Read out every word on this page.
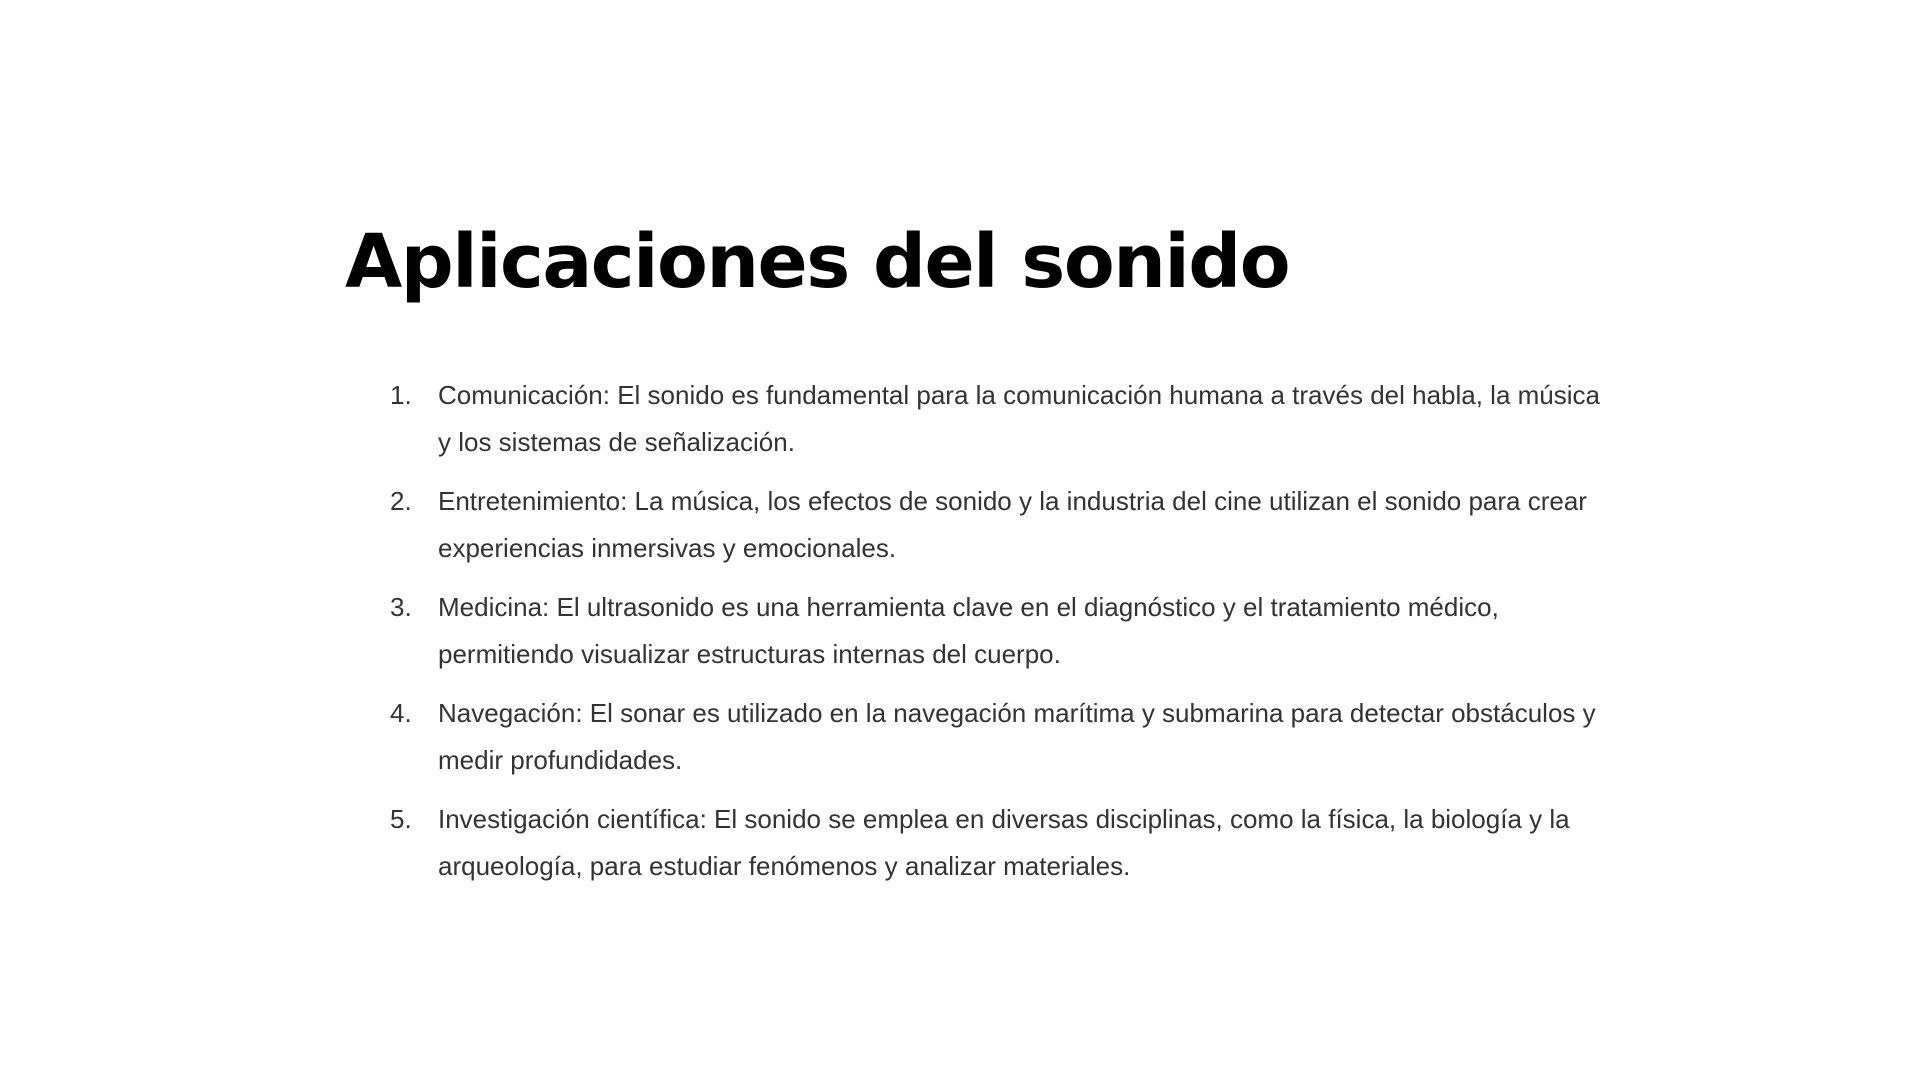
Aplicaciones del sonido
1.	Comunicación: El sonido es fundamental para la comunicación humana a través del habla, la música y los sistemas de señalización.
2.	Entretenimiento: La música, los efectos de sonido y la industria del cine utilizan el sonido para crear experiencias inmersivas y emocionales.
3.	Medicina: El ultrasonido es una herramienta clave en el diagnóstico y el tratamiento médico, permitiendo visualizar estructuras internas del cuerpo.
4.	Navegación: El sonar es utilizado en la navegación marítima y submarina para detectar obstáculos y medir profundidades.
5.	Investigación científica: El sonido se emplea en diversas disciplinas, como la física, la biología y la arqueología, para estudiar fenómenos y analizar materiales.
